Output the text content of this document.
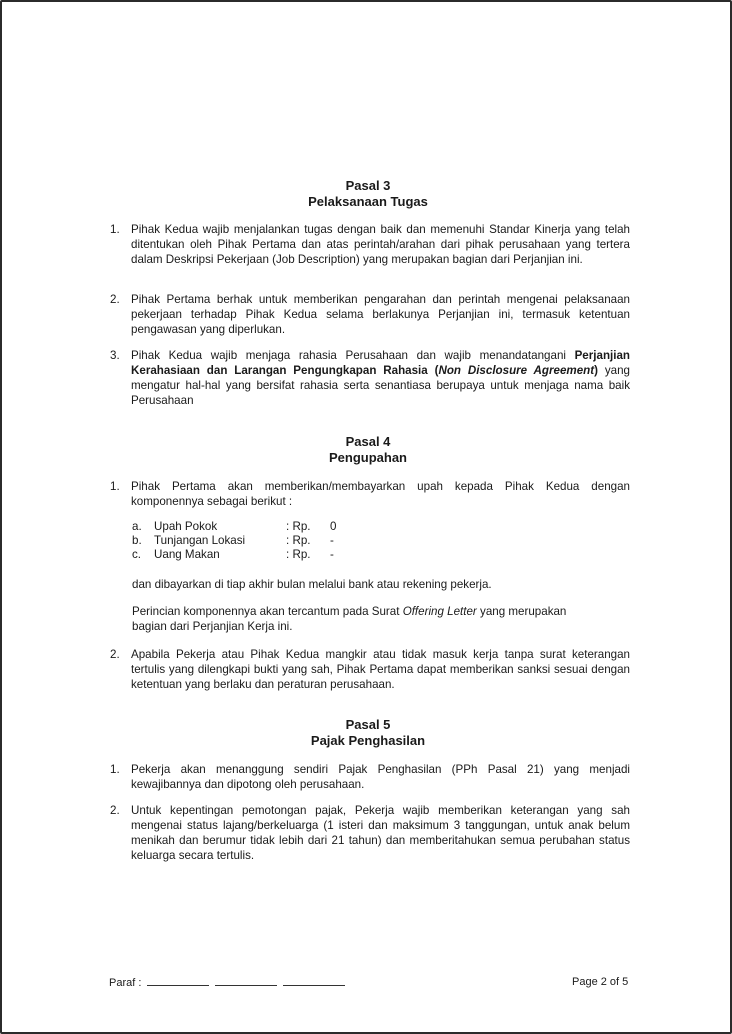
Pasal 3
Pelaksanaan Tugas
1. Pihak Kedua wajib menjalankan tugas dengan baik dan memenuhi Standar Kinerja yang telah ditentukan oleh Pihak Pertama dan atas perintah/arahan dari pihak perusahaan yang tertera dalam Deskripsi Pekerjaan (Job Description) yang merupakan bagian dari Perjanjian ini.
2. Pihak Pertama berhak untuk memberikan pengarahan dan perintah mengenai pelaksanaan pekerjaan terhadap Pihak Kedua selama berlakunya Perjanjian ini, termasuk ketentuan pengawasan yang diperlukan.
3. Pihak Kedua wajib menjaga rahasia Perusahaan dan wajib menandatangani Perjanjian Kerahasiaan dan Larangan Pengungkapan Rahasia (Non Disclosure Agreement) yang mengatur hal-hal yang bersifat rahasia serta senantiasa berupaya untuk menjaga nama baik Perusahaan
Pasal 4
Pengupahan
1. Pihak Pertama akan memberikan/membayarkan upah kepada Pihak Kedua dengan komponennya sebagai berikut :
a. Upah Pokok	: Rp. 0
b. Tunjangan Lokasi	: Rp. -
c. Uang Makan	: Rp. -
dan dibayarkan di tiap akhir bulan melalui bank atau rekening pekerja.
Perincian komponennya akan tercantum pada Surat Offering Letter yang merupakan bagian dari Perjanjian Kerja ini.
2. Apabila Pekerja atau Pihak Kedua mangkir atau tidak masuk kerja tanpa surat keterangan tertulis yang dilengkapi bukti yang sah, Pihak Pertama dapat memberikan sanksi sesuai dengan ketentuan yang berlaku dan peraturan perusahaan.
Pasal 5
Pajak Penghasilan
1. Pekerja akan menanggung sendiri Pajak Penghasilan (PPh Pasal 21) yang menjadi kewajibannya dan dipotong oleh perusahaan.
2. Untuk kepentingan pemotongan pajak, Pekerja wajib memberikan keterangan yang sah mengenai status lajang/berkeluarga (1 isteri dan maksimum 3 tanggungan, untuk anak belum menikah dan berumur tidak lebih dari 21 tahun) dan memberitahukan semua perubahan status keluarga secara tertulis.
Paraf :	Page 2 of 5
